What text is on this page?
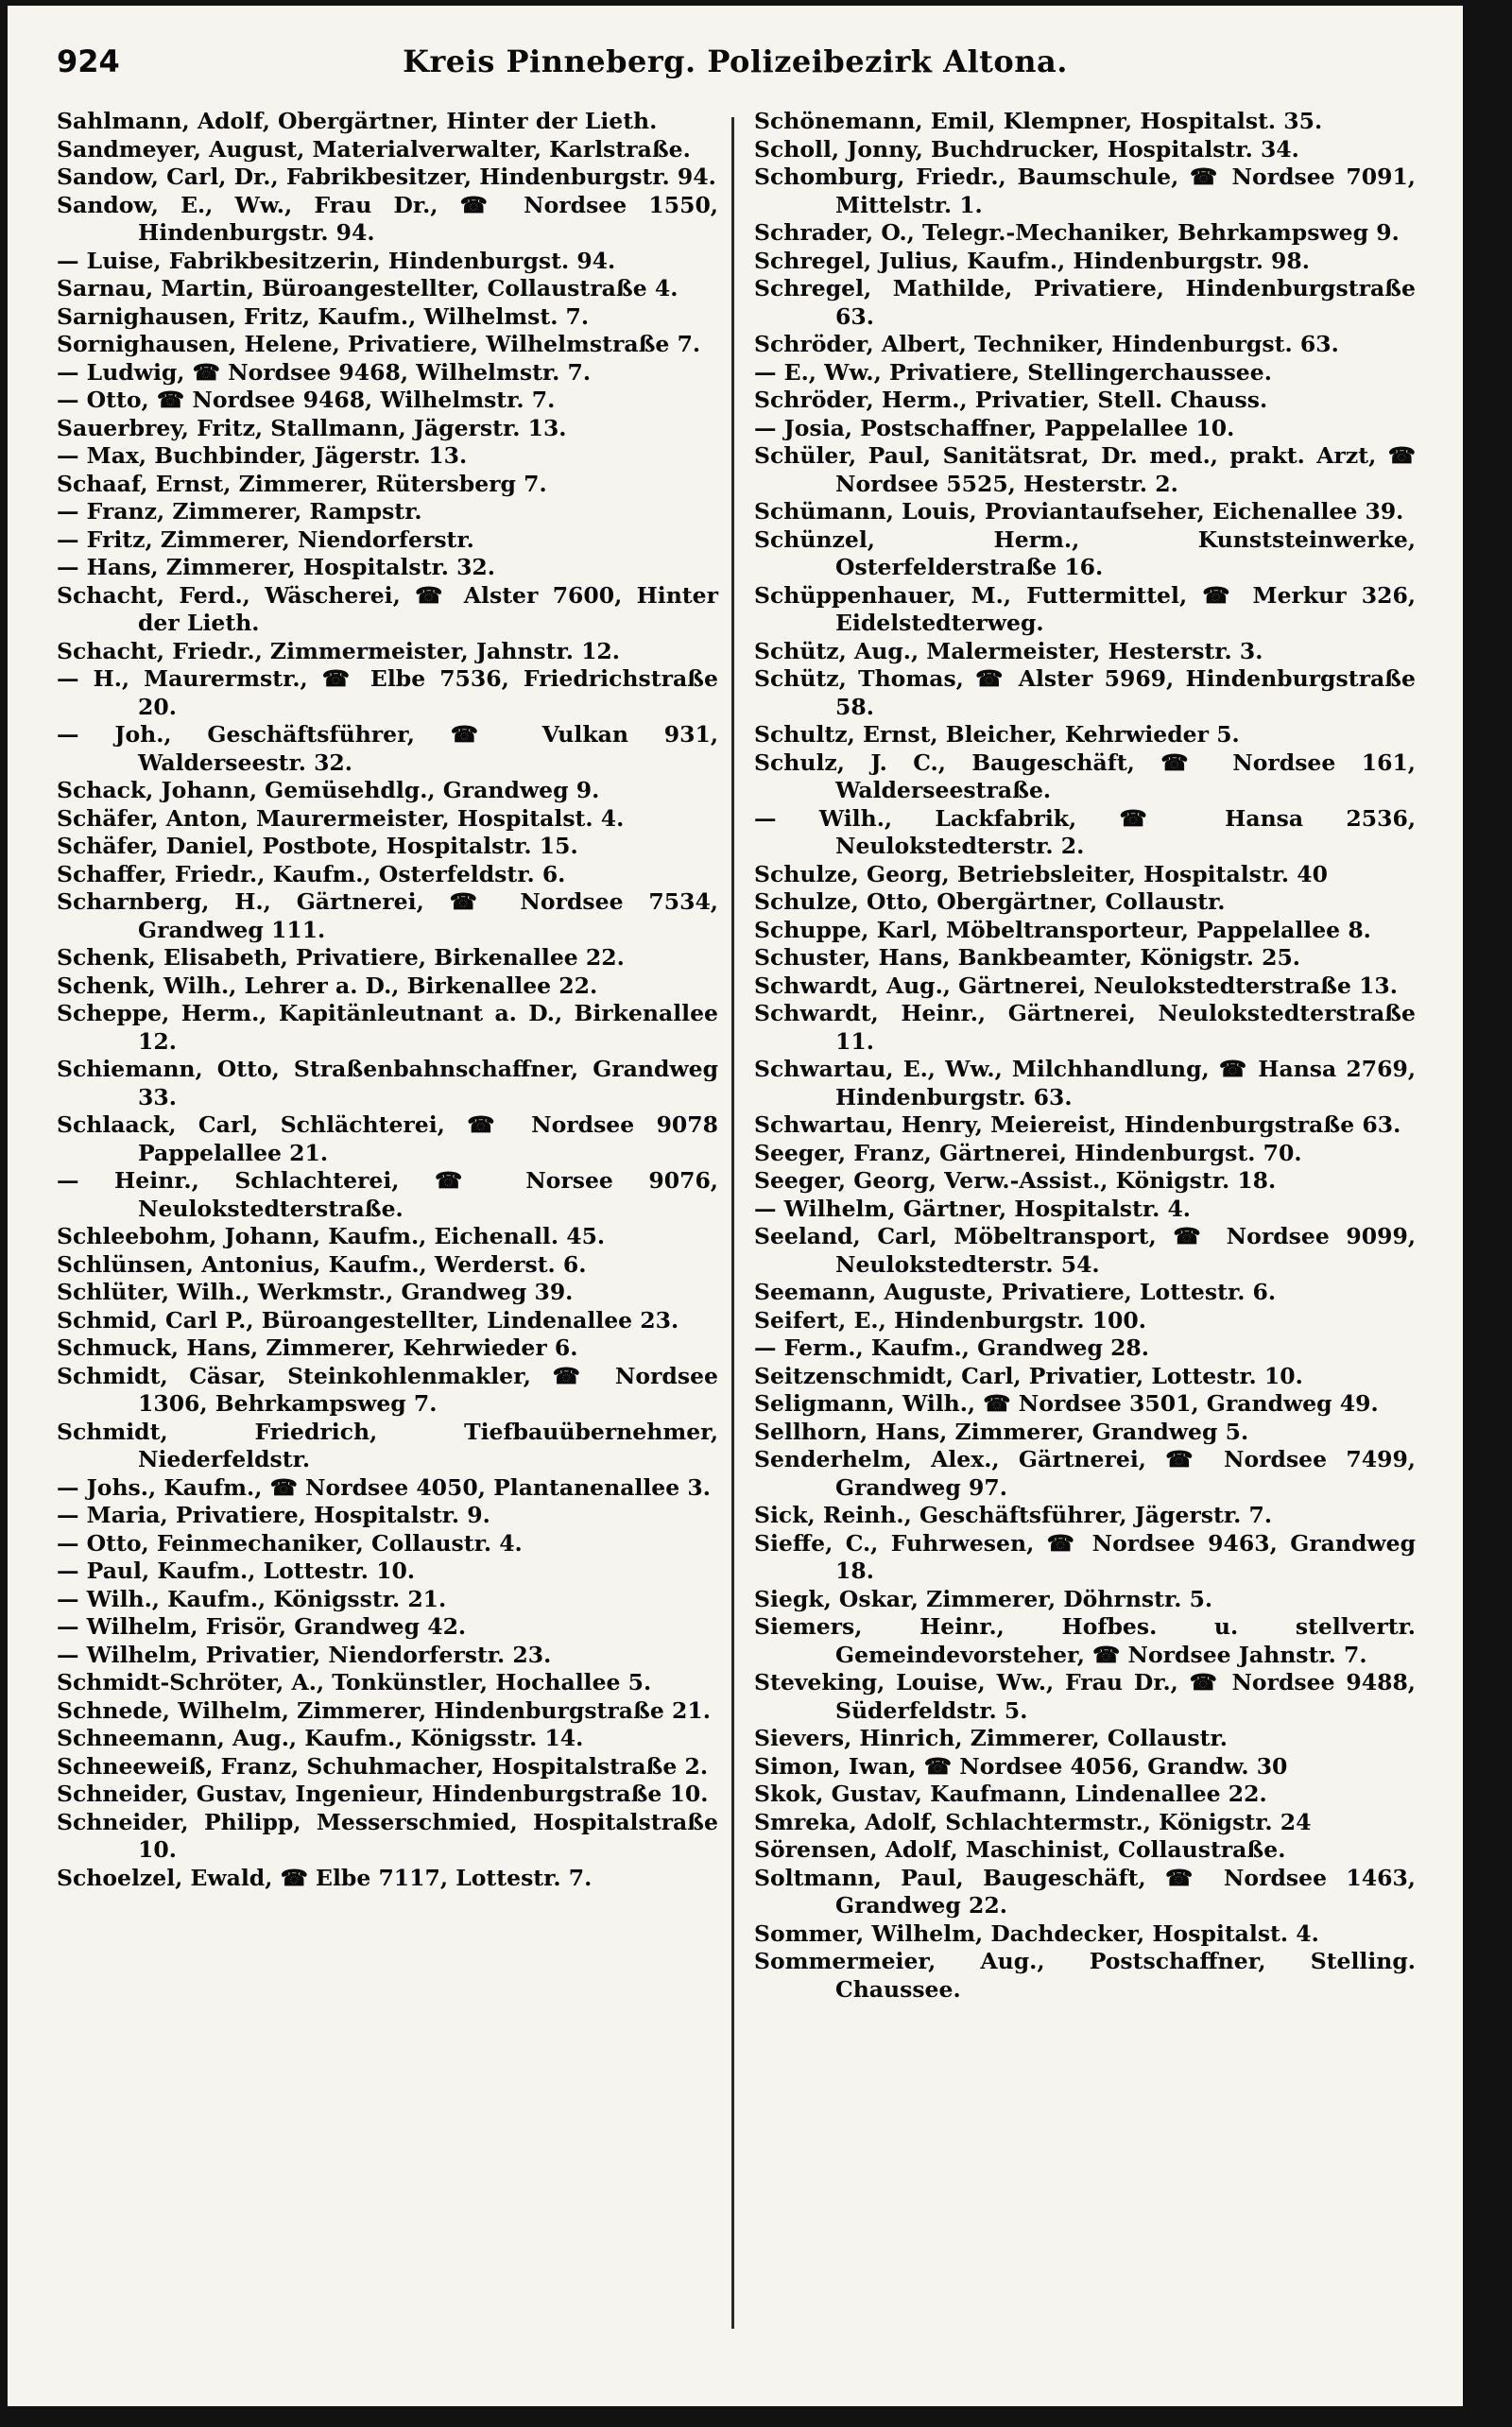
924	Kreis Pinneberg. Polizeibezirk Altona.

Sahlmann, Adolf, Obergärtner, Hinter der Lieth.

Sandmeyer, August, Materialverwalter, Karlstraße.

Sandow, Carl, Dr., Fabrikbesitzer, Hindenburgstr. 94.

Sandow, E., Ww., Frau Dr., ☎ Nordsee 1550, Hindenburgstr. 94.

— Luise, Fabrikbesitzerin, Hindenburgst. 94.

Sarnau, Martin, Büroangestellter, Collaustraße 4.

Sarnighausen, Fritz, Kaufm., Wilhelmst. 7.

Sornighausen, Helene, Privatiere, Wilhelmstraße 7.

— Ludwig, ☎ Nordsee 9468, Wilhelmstr. 7.

— Otto, ☎ Nordsee 9468, Wilhelmstr. 7.

Sauerbrey, Fritz, Stallmann, Jägerstr. 13.

— Max, Buchbinder, Jägerstr. 13.

Schaaf, Ernst, Zimmerer, Rütersberg 7.

— Franz, Zimmerer, Rampstr.

— Fritz, Zimmerer, Niendorferstr.

— Hans, Zimmerer, Hospitalstr. 32.

Schacht, Ferd., Wäscherei, ☎ Alster 7600, Hinter der Lieth.

Schacht, Friedr., Zimmermeister, Jahnstr. 12.

— H., Maurermstr., ☎ Elbe 7536, Friedrichstraße 20.

— Joh., Geschäftsführer, ☎ Vulkan 931, Walderseestr. 32.

Schack, Johann, Gemüsehdlg., Grandweg 9.

Schäfer, Anton, Maurermeister, Hospitalst. 4.

Schäfer, Daniel, Postbote, Hospitalstr. 15.

Schaffer, Friedr., Kaufm., Osterfeldstr. 6.

Scharnberg, H., Gärtnerei, ☎ Nordsee 7534, Grandweg 111.

Schenk, Elisabeth, Privatiere, Birkenallee 22.

Schenk, Wilh., Lehrer a. D., Birkenallee 22.

Scheppe, Herm., Kapitänleutnant a. D., Birkenallee 12.

Schiemann, Otto, Straßenbahnschaffner, Grandweg 33.

Schlaack, Carl, Schlächterei, ☎ Nordsee 9078 Pappelallee 21.

— Heinr., Schlachterei, ☎ Norsee 9076, Neulokstedterstraße.

Schleebohm, Johann, Kaufm., Eichenall. 45.

Schlünsen, Antonius, Kaufm., Werderst. 6.

Schlüter, Wilh., Werkmstr., Grandweg 39.

Schmid, Carl P., Büroangestellter, Lindenallee 23.

Schmuck, Hans, Zimmerer, Kehrwieder 6.

Schmidt, Cäsar, Steinkohlenmakler, ☎ Nordsee 1306, Behrkampsweg 7.

Schmidt, Friedrich, Tiefbauübernehmer, Niederfeldstr.

— Johs., Kaufm., ☎ Nordsee 4050, Plantanenallee 3.

— Maria, Privatiere, Hospitalstr. 9.

— Otto, Feinmechaniker, Collaustr. 4.

— Paul, Kaufm., Lottestr. 10.

— Wilh., Kaufm., Königsstr. 21.

— Wilhelm, Frisör, Grandweg 42.

— Wilhelm, Privatier, Niendorferstr. 23.

Schmidt-Schröter, A., Tonkünstler, Hochallee 5.

Schnede, Wilhelm, Zimmerer, Hindenburgstraße 21.

Schneemann, Aug., Kaufm., Königsstr. 14.

Schneeweiß, Franz, Schuhmacher, Hospitalstraße 2.

Schneider, Gustav, Ingenieur, Hindenburgstraße 10.

Schneider, Philipp, Messerschmied, Hospitalstraße 10.

Schoelzel, Ewald, ☎ Elbe 7117, Lottestr. 7.

Schönemann, Emil, Klempner, Hospitalst. 35.

Scholl, Jonny, Buchdrucker, Hospitalstr. 34.

Schomburg, Friedr., Baumschule, ☎ Nordsee 7091, Mittelstr. 1.

Schrader, O., Telegr.-Mechaniker, Behrkampsweg 9.

Schregel, Julius, Kaufm., Hindenburgstr. 98.

Schregel, Mathilde, Privatiere, Hindenburgstraße 63.

Schröder, Albert, Techniker, Hindenburgst. 63.

— E., Ww., Privatiere, Stellingerchaussee.

Schröder, Herm., Privatier, Stell. Chauss.

— Josia, Postschaffner, Pappelallee 10.

Schüler, Paul, Sanitätsrat, Dr. med., prakt. Arzt, ☎ Nordsee 5525, Hesterstr. 2.

Schümann, Louis, Proviantaufseher, Eichenallee 39.

Schünzel, Herm., Kunststeinwerke, Osterfelderstraße 16.

Schüppenhauer, M., Futtermittel, ☎ Merkur 326, Eidelstedterweg.

Schütz, Aug., Malermeister, Hesterstr. 3.

Schütz, Thomas, ☎ Alster 5969, Hindenburgstraße 58.

Schultz, Ernst, Bleicher, Kehrwieder 5.

Schulz, J. C., Baugeschäft, ☎ Nordsee 161, Walderseestraße.

— Wilh., Lackfabrik, ☎ Hansa 2536, Neulokstedterstr. 2.

Schulze, Georg, Betriebsleiter, Hospitalstr. 40

Schulze, Otto, Obergärtner, Collaustr.

Schuppe, Karl, Möbeltransporteur, Pappelallee 8.

Schuster, Hans, Bankbeamter, Königstr. 25.

Schwardt, Aug., Gärtnerei, Neulokstedterstraße 13.

Schwardt, Heinr., Gärtnerei, Neulokstedterstraße 11.

Schwartau, E., Ww., Milchhandlung, ☎ Hansa 2769, Hindenburgstr. 63.

Schwartau, Henry, Meiereist, Hindenburgstraße 63.

Seeger, Franz, Gärtnerei, Hindenburgst. 70.

Seeger, Georg, Verw.-Assist., Königstr. 18.

— Wilhelm, Gärtner, Hospitalstr. 4.

Seeland, Carl, Möbeltransport, ☎ Nordsee 9099, Neulokstedterstr. 54.

Seemann, Auguste, Privatiere, Lottestr. 6.

Seifert, E., Hindenburgstr. 100.

— Ferm., Kaufm., Grandweg 28.

Seitzenschmidt, Carl, Privatier, Lottestr. 10.

Seligmann, Wilh., ☎ Nordsee 3501, Grandweg 49.

Sellhorn, Hans, Zimmerer, Grandweg 5.

Senderhelm, Alex., Gärtnerei, ☎ Nordsee 7499, Grandweg 97.

Sick, Reinh., Geschäftsführer, Jägerstr. 7.

Sieffe, C., Fuhrwesen, ☎ Nordsee 9463, Grandweg 18.

Siegk, Oskar, Zimmerer, Döhrnstr. 5.

Siemers, Heinr., Hofbes. u. stellvertr. Gemeindevorsteher, ☎ Nordsee Jahnstr. 7.

Steveking, Louise, Ww., Frau Dr., ☎ Nordsee 9488, Süderfeldstr. 5.

Sievers, Hinrich, Zimmerer, Collaustr.

Simon, Iwan, ☎ Nordsee 4056, Grandw. 30

Skok, Gustav, Kaufmann, Lindenallee 22.

Smreka, Adolf, Schlachtermstr., Königstr. 24

Sörensen, Adolf, Maschinist, Collaustraße.

Soltmann, Paul, Baugeschäft, ☎ Nordsee 1463, Grandweg 22.

Sommer, Wilhelm, Dachdecker, Hospitalst. 4.

Sommermeier, Aug., Postschaffner, Stelling. Chaussee.
